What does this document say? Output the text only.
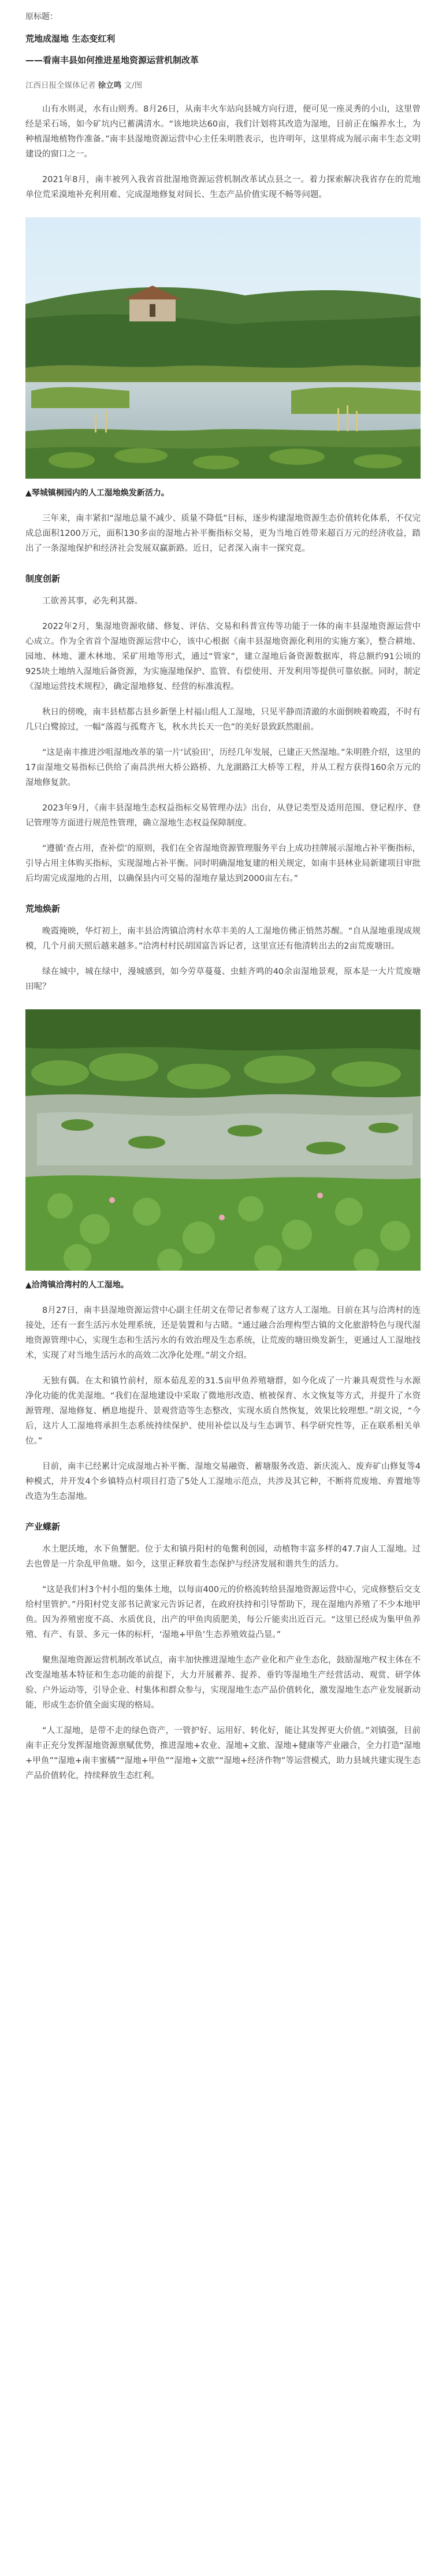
原标题：

荒地成湿地 生态变红利

——看南丰县如何推进星地资源运营机制改革

江西日报全媒体记者 徐立鸣 文/图

山有水则灵，水有山则秀。8月26日，从南丰火车站向县城方向行进，便可见一座灵秀的小山，这里曾经是采石场，如今矿坑内已蓄满清水。“该地块达60亩，我们计划将其改造为湿地，目前正在编养水土，为种植湿地植物作准备。”南丰县湿地资源运营中心主任朱明胜表示，也许明年，这里将成为展示南丰生态文明建设的窗口之一。

2021年8月，南丰被列入我省首批湿地资源运营机制改革试点县之一。着力探索解决我省存在的荒地单位荒采漠地补充利用难、完成湿地修复对间长、生态产品价值实现不畅等问题。

▲琴城镇桐园内的人工湿地焕发新活力。

三年来，南丰紧扣“湿地总量不减少、质量不降低”目标，逐步构建湿地资源生态价值转化体系，不仅完成总面积1200万元，面积130多亩的湿地占补平衡指标交易，更为当地百姓带来超百万元的经济收益，踏出了一条湿地保护和经济社会发展双赢新路。近日，记者深入南丰一探究竟。

制度创新

工欲善其事，必先利其器。

2022年2月，集湿地资源收储、修复、评估、交易和科普宣传等功能于一体的南丰县湿地资源运营中心成立。作为全省首个湿地资源运营中心，该中心根据《南丰县湿地资源化利用的实施方案》，整合耕地、园地、林地、灌木林地、采矿用地等形式，通过“管家”，建立湿地后备资源数据库，将总额约91公顷的925块土地纳入湿地后备资源，为实施湿地保护、监管、有偿使用、开发利用等提供可靠依据。同时，制定《湿地运营技术规程》，确定湿地修复、经营的标准流程。

秋日的傍晚，南丰县桔都古县乡新堡上村福山组人工湿地，只见平静而清澈的水面倒映着晚霞，不时有几只白鹭掠过，一幅“落霞与孤鹜齐飞，秋水共长天一色”的美好景致跃然眼前。

“这是南丰推进沙咀湿地改革的第一片‘试验田’，历经几年发展，已建正天然湿地。”朱明胜介绍，这里的17亩湿地交易指标已供给了南昌洪州大桥公路桥、九龙湖路江大桥等工程，并从工程方获得160余万元的湿地修复款。

2023年9月，《南丰县湿地生态权益指标交易管理办法》出台，从登记类型及适用范围、登记程序、登记管理等方面进行规范性管理，确立湿地生态权益保障制度。

“遵循‘查占用，查补偿’的原则，我们在全省湿地资源管理服务平台上成功挂牌展示湿地占补平衡指标，引导占用主体购买指标，实现湿地占补平衡。同时明确湿地复建的相关规定，如南丰县林业局新建项目审批后均需完成湿地的占用，以确保县内可交易的湿地存量达到2000亩左右。”

荒地焕新

晚霞掩映，华灯初上，南丰县洽湾镇洽湾村水草丰美的人工湿地仿佛正悄然苏醒。“自从湿地重现成规模，几个月前天照后越来越多。”洽湾村村民胡国富告诉记者，这里宣还有他清转出去的2亩荒废塘田。

绿在城中，城在绿中，漫城感到，如今劳草蔓蔓、虫蛙齐鸣的40余亩湿地景观，原本是一大片荒废塘田呢？

▲洽湾镇洽湾村的人工湿地。

8月27日，南丰县湿地资源运营中心副主任胡文在带记者参观了这方人工湿地。目前在其与洽湾村的连接处，还有一套生活污水处理系统，还是装置和与古睹。“通过融合治理构型古镇的文化旅游特色与现代湿地资源管理中心，实现生态和生活污水的有效治理及生态系统，让荒废的塘田焕发新生，更通过人工湿地技术，实现了对当地生活污水的高效二次净化处理。”胡文介绍。

无独有偶。在太和镇竹前村，原本茹乱差的31.5亩甲鱼养殖塘群，如今化成了一片兼具观赏性与水源净化功能的优美湿地。“我们在湿地建设中采取了微地形改造、植被保育、水文恢复等方式，并提升了水资源管理、湿地修复、栖息地提升、景观营造等生态整改，实现水质自然恢复，效果比较理想。”胡文说，“今后，这片人工湿地将承担生态系统持续保护、使用补偿以及与生态调节、科学研究性等，正在联系相关单位。”

目前，南丰已经累计完成湿地占补平衡、湿地交易融资、蓄塘服务改造、新庆流入、废弃矿山修复等4种模式，并开发4个乡镇特点村项目打造了5处人工湿地示范点，共涉及其它种，不断将荒废地、弃置地等改造为生态湿地。

产业蝶新

水土肥沃地，水下鱼蟹肥。位于太和镇丹阳村的龟鳖利创园，动植物丰富多样的47.7亩人工湿地。过去也曾是一片杂乱甲鱼塘。如今，这里正释放着生态保护与经济发展和谐共生的活力。

“这是我们村3个村小组的集体土地，以每亩400元的价格流转给县湿地资源运营中心，完成修整后交支给村里管护。”丹阳村党支部书记黄家元告诉记者，在政府扶持和引导帮助下，现在湿地内养殖了不少本地甲鱼。因为养殖密度不高、水质优良，出产的甲鱼肉质肥美，每公斤能卖出近百元。“这里已经成为集甲鱼养殖、有产、有景、多元一体的标杆，‘湿地+甲鱼’生态养殖效益凸显。”

聚焦湿地资源运营机制改革试点，南丰加快推进湿地生态产业化和产业生态化，鼓励湿地产权主体在不改变湿地基本特征和生态功能的前提下，大力开展蓄养、捉养、垂钓等湿地生产经营活动、观赏、研学体验、户外运动等，引导企业、村集体和群众参与，实现湿地生态产品价值转化，激发湿地生态产业发展新动能，形成生态价值全面实现的格局。

“人工湿地，是带不走的绿色资产，一管护好、运用好、转化好，能让其发挥更大价值。”刘镇强，目前南丰正充分发挥湿地资源禀赋优势，推进湿地+农业、湿地+文旅、湿地+健康等产业融合，全力打造“湿地+甲鱼”“湿地+南丰蜜橘”“湿地+甲鱼”“湿地+文旅”“湿地+经济作物”等运营模式，助力县域共建实现生态产品价值转化，持续释放生态红利。
